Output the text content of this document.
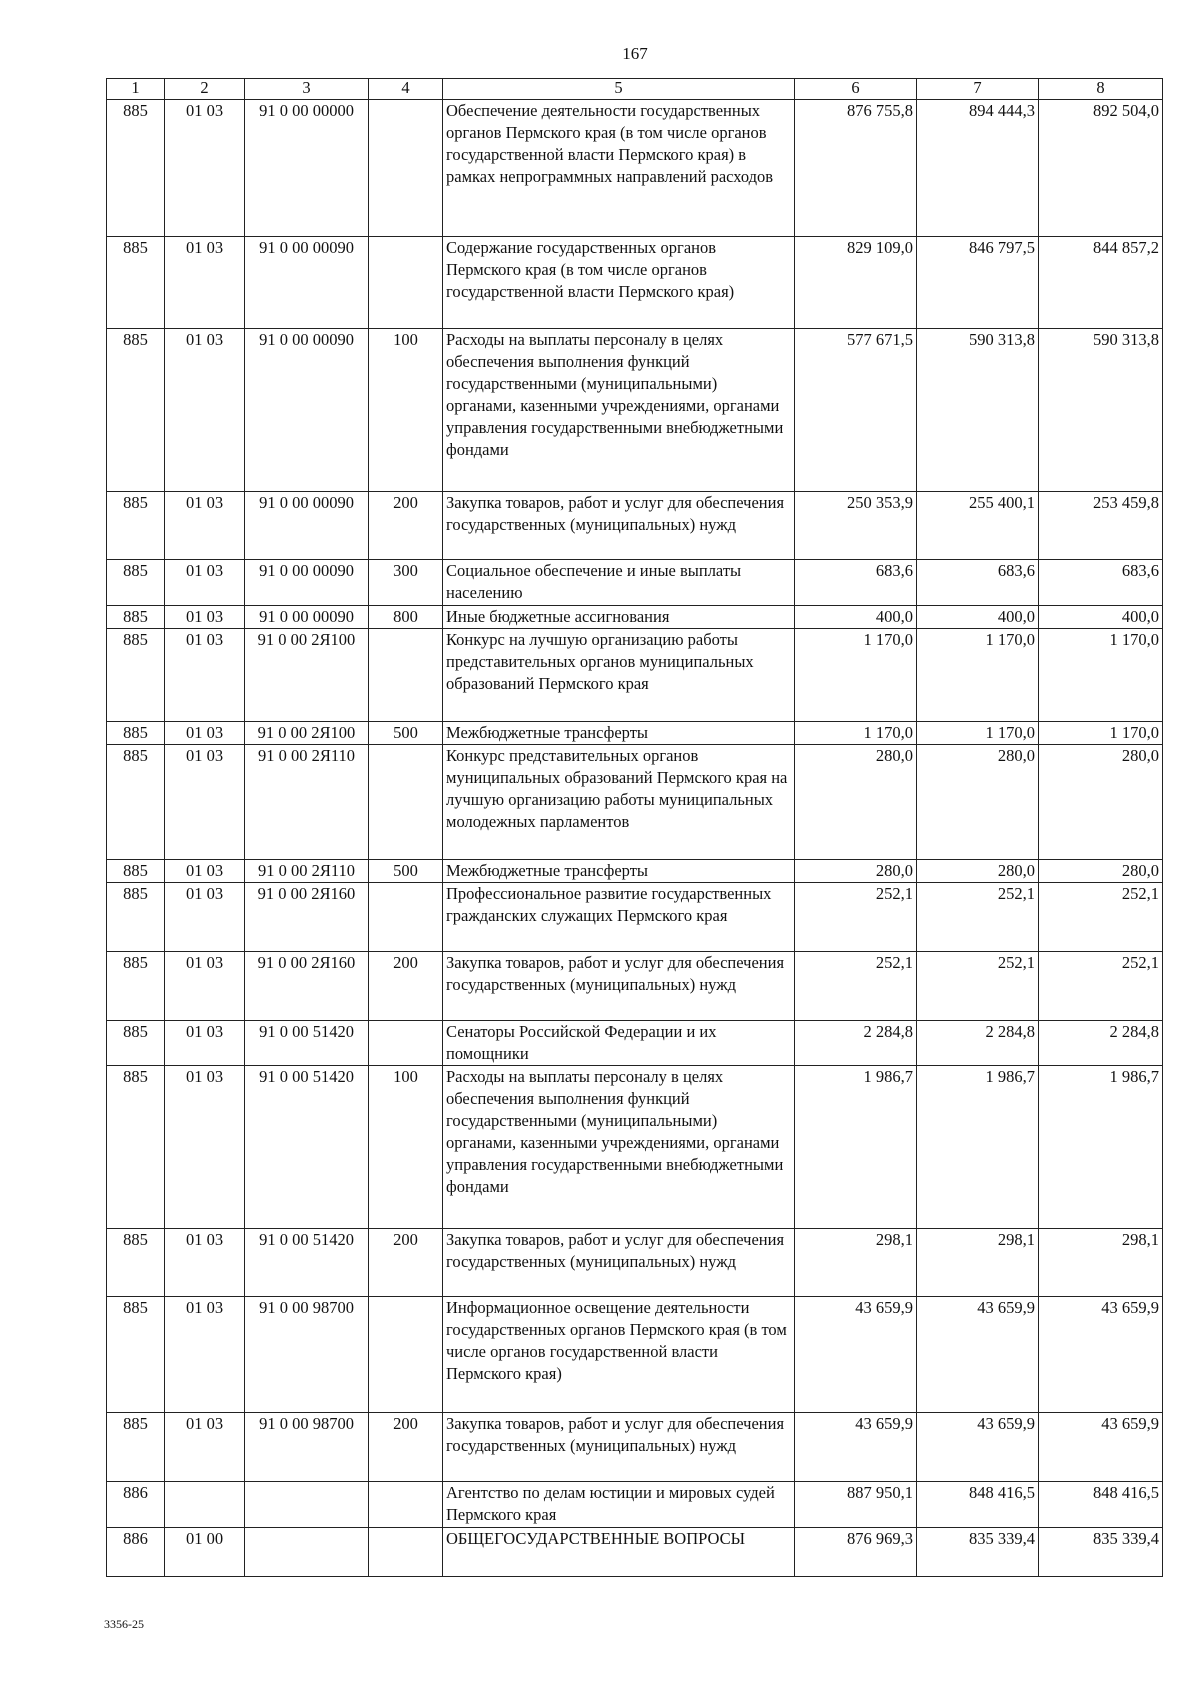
167
1	2	3	4	5	6	7	8
885	01 03	91 0 00 00000		Обеспечение деятельности государственных органов Пермского края (в том числе органов государственной власти Пермского края) в рамках непрограммных направлений расходов	876 755,8	894 444,3	892 504,0
885	01 03	91 0 00 00090		Содержание государственных органов Пермского края (в том числе органов государственной власти Пермского края)	829 109,0	846 797,5	844 857,2
885	01 03	91 0 00 00090	100	Расходы на выплаты персоналу в целях обеспечения выполнения функций государственными (муниципальными) органами, казенными учреждениями, органами управления государственными внебюджетными фондами	577 671,5	590 313,8	590 313,8
885	01 03	91 0 00 00090	200	Закупка товаров, работ и услуг для обеспечения государственных (муниципальных) нужд	250 353,9	255 400,1	253 459,8
885	01 03	91 0 00 00090	300	Социальное обеспечение и иные выплаты населению	683,6	683,6	683,6
885	01 03	91 0 00 00090	800	Иные бюджетные ассигнования	400,0	400,0	400,0
885	01 03	91 0 00 2Я100		Конкурс на лучшую организацию работы представительных органов муниципальных образований Пермского края	1 170,0	1 170,0	1 170,0
885	01 03	91 0 00 2Я100	500	Межбюджетные трансферты	1 170,0	1 170,0	1 170,0
885	01 03	91 0 00 2Я110		Конкурс представительных органов муниципальных образований Пермского края на лучшую организацию работы муниципальных молодежных парламентов	280,0	280,0	280,0
885	01 03	91 0 00 2Я110	500	Межбюджетные трансферты	280,0	280,0	280,0
885	01 03	91 0 00 2Я160		Профессиональное развитие государственных гражданских служащих Пермского края	252,1	252,1	252,1
885	01 03	91 0 00 2Я160	200	Закупка товаров, работ и услуг для обеспечения государственных (муниципальных) нужд	252,1	252,1	252,1
885	01 03	91 0 00 51420		Сенаторы Российской Федерации и их помощники	2 284,8	2 284,8	2 284,8
885	01 03	91 0 00 51420	100	Расходы на выплаты персоналу в целях обеспечения выполнения функций государственными (муниципальными) органами, казенными учреждениями, органами управления государственными внебюджетными фондами	1 986,7	1 986,7	1 986,7
885	01 03	91 0 00 51420	200	Закупка товаров, работ и услуг для обеспечения государственных (муниципальных) нужд	298,1	298,1	298,1
885	01 03	91 0 00 98700		Информационное освещение деятельности государственных органов Пермского края (в том числе органов государственной власти Пермского края)	43 659,9	43 659,9	43 659,9
885	01 03	91 0 00 98700	200	Закупка товаров, работ и услуг для обеспечения государственных (муниципальных) нужд	43 659,9	43 659,9	43 659,9
886				Агентство по делам юстиции и мировых судей Пермского края	887 950,1	848 416,5	848 416,5
886	01 00			ОБЩЕГОСУДАРСТВЕННЫЕ ВОПРОСЫ	876 969,3	835 339,4	835 339,4
3356-25
